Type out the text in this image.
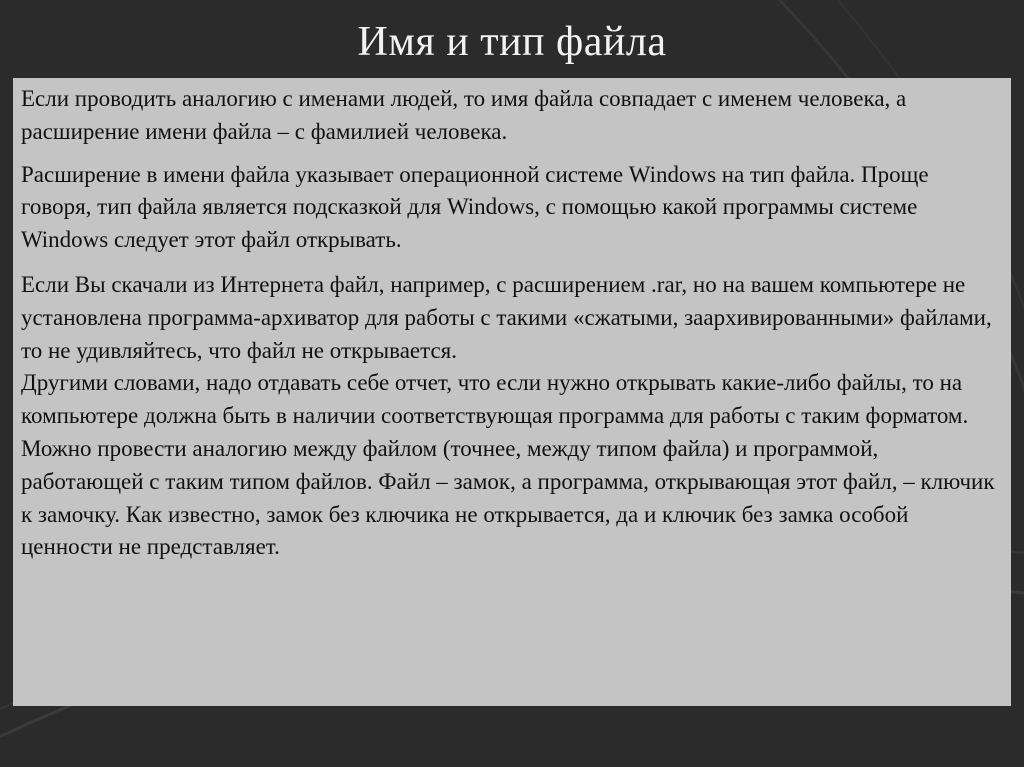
Имя и тип файла

Если проводить аналогию с именами людей, то имя файла совпадает с именем человека, а расширение имени файла – с фамилией человека.

Расширение в имени файла указывает операционной системе Windows на тип файла. Проще говоря, тип файла является подсказкой для Windows, с помощью какой программы системе Windows следует этот файл открывать.

Если Вы скачали из Интернета файл, например, с расширением .rar, но на вашем компьютере не установлена программа-архиватор для работы с такими «сжатыми, заархивированными» файлами, то не удивляйтесь, что файл не открывается.

Другими словами, надо отдавать себе отчет, что если нужно открывать какие-либо файлы, то на компьютере должна быть в наличии соответствующая программа для работы с таким форматом.

Можно провести аналогию между файлом (точнее, между типом файла) и программой, работающей с таким типом файлов. Файл – замок, а программа, открывающая этот файл, – ключик к замочку. Как известно, замок без ключика не открывается, да и ключик без замка особой ценности не представляет.
